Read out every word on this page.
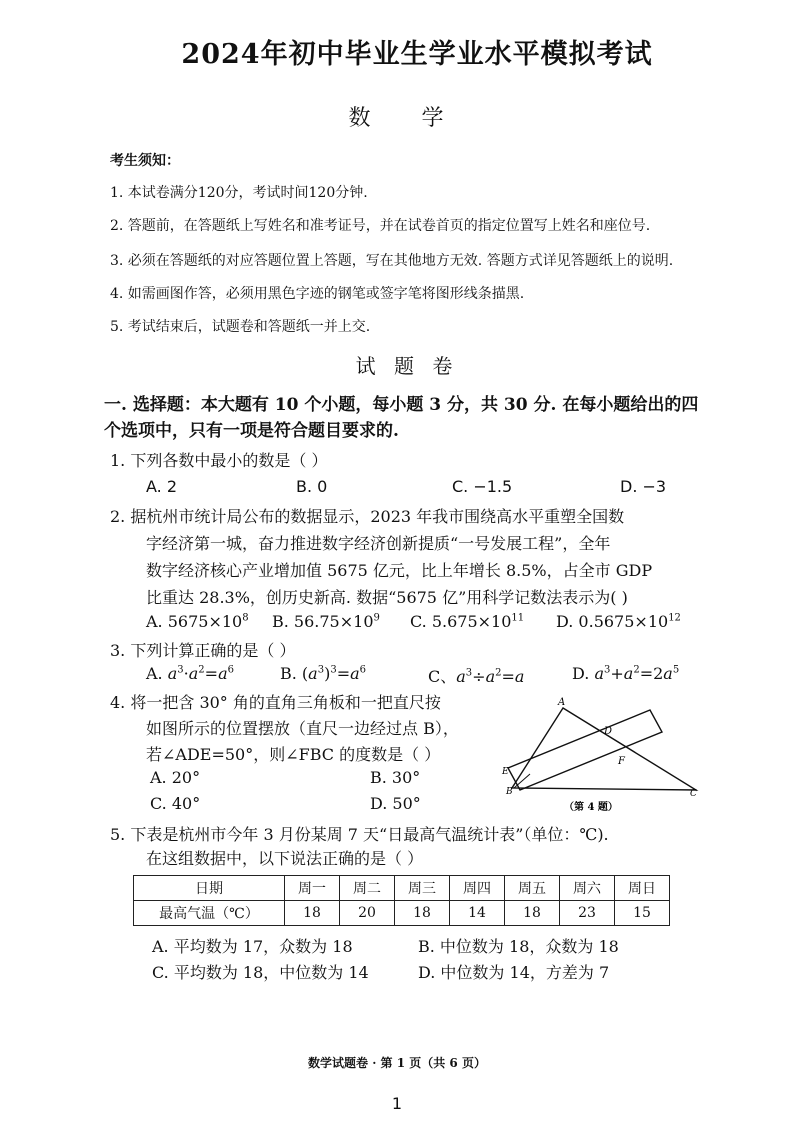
2024年初中毕业生学业水平模拟考试
数 学
考生须知：
1. 本试卷满分120分，考试时间120分钟.
2. 答题前，在答题纸上写姓名和准考证号，并在试卷首页的指定位置写上姓名和座位号.
3. 必须在答题纸的对应答题位置上答题，写在其他地方无效. 答题方式详见答题纸上的说明.
4. 如需画图作答，必须用黑色字迹的钢笔或签字笔将图形线条描黑.
5. 考试结束后，试题卷和答题纸一并上交.
试 题 卷
一. 选择题：本大题有 10 个小题，每小题 3 分，共 30 分. 在每小题给出的四个选项中，只有一项是符合题目要求的.
1. 下列各数中最小的数是（ ）
A. 2	B. 0	C. −1.5	D. −3
2. 据杭州市统计局公布的数据显示，2023 年我市围绕高水平重塑全国数
字经济第一城，奋力推进数字经济创新提质“一号发展工程”，全年
数字经济核心产业增加值 5675 亿元，比上年增长 8.5%，占全市 GDP
比重达 28.3%，创历史新高. 数据“5675 亿”用科学记数法表示为( )
A. $5675\times 10^8$ B. $56.75\times 10^9$ C. $5.675\times 10^{11}$ D. $0.5675\times 10^{12}$
3. 下列计算正确的是（ ）
A. $a^3\cdot a^2=a^6$	B. $(a^3)^3=a^6$	C、$a^3\div a^2=a$	D. $a^3+a^2=2a^5$
4. 将一把含 30° 角的直角三角板和一把直尺按
如图所示的位置摆放（直尺一边经过点 B），
若∠ADE=50°，则∠FBC 的度数是（ ）
A. 20°	B. 30°
C. 40°	D. 50°
A
D
E
F
B	C
（第 4 题）
5. 下表是杭州市今年 3 月份某周 7 天“日最高气温统计表”（单位：℃).
在这组数据中，以下说法正确的是（ ）
日期	周一	周二	周三	周四	周五	周六	周日
最高气温（℃）	18	20	18	14	18	23	15
A. 平均数为 17，众数为 18	B. 中位数为 18，众数为 18
C. 平均数为 18，中位数为 14	D. 中位数为 14，方差为 7
数学试题卷 · 第 1 页（共 6 页）
1
